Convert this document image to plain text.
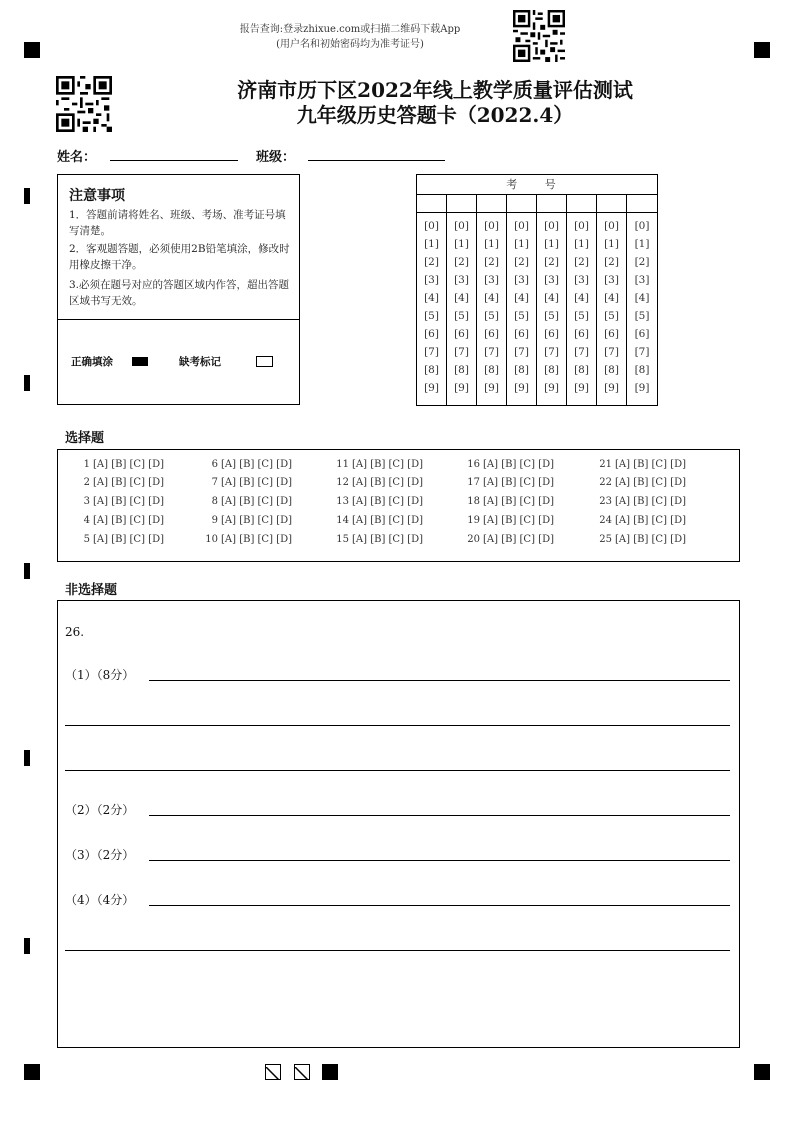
报告查询:登录zhixue.com或扫描二维码下载App
(用户名和初始密码均为准考证号)
济南市历下区2022年线上教学质量评估测试
九年级历史答题卡（2022.4）
姓名：	班级：
注意事项
1．答题前请将姓名、班级、考场、准考证号填写清楚。
2．客观题答题，必须使用2B铅笔填涂，修改时用橡皮擦干净。
3.必须在题号对应的答题区域内作答，超出答题区域书写无效。
正确填涂	缺考标记
考 号
[0]
[1]
[2]
[3]
[4]
[5]
[6]
[7]
[8]
[9]
[0]
[1]
[2]
[3]
[4]
[5]
[6]
[7]
[8]
[9]
[0]
[1]
[2]
[3]
[4]
[5]
[6]
[7]
[8]
[9]
[0]
[1]
[2]
[3]
[4]
[5]
[6]
[7]
[8]
[9]
[0]
[1]
[2]
[3]
[4]
[5]
[6]
[7]
[8]
[9]
[0]
[1]
[2]
[3]
[4]
[5]
[6]
[7]
[8]
[9]
[0]
[1]
[2]
[3]
[4]
[5]
[6]
[7]
[8]
[9]
[0]
[1]
[2]
[3]
[4]
[5]
[6]
[7]
[8]
[9]
选择题
1 [A] [B] [C] [D]
2 [A] [B] [C] [D]
3 [A] [B] [C] [D]
4 [A] [B] [C] [D]
5 [A] [B] [C] [D]
6 [A] [B] [C] [D]
7 [A] [B] [C] [D]
8 [A] [B] [C] [D]
9 [A] [B] [C] [D]
10 [A] [B] [C] [D]
11 [A] [B] [C] [D]
12 [A] [B] [C] [D]
13 [A] [B] [C] [D]
14 [A] [B] [C] [D]
15 [A] [B] [C] [D]
16 [A] [B] [C] [D]
17 [A] [B] [C] [D]
18 [A] [B] [C] [D]
19 [A] [B] [C] [D]
20 [A] [B] [C] [D]
21 [A] [B] [C] [D]
22 [A] [B] [C] [D]
23 [A] [B] [C] [D]
24 [A] [B] [C] [D]
25 [A] [B] [C] [D]
非选择题
26.
（1）（8分）
（2）（2分）
（3）（2分）
（4）（4分）
